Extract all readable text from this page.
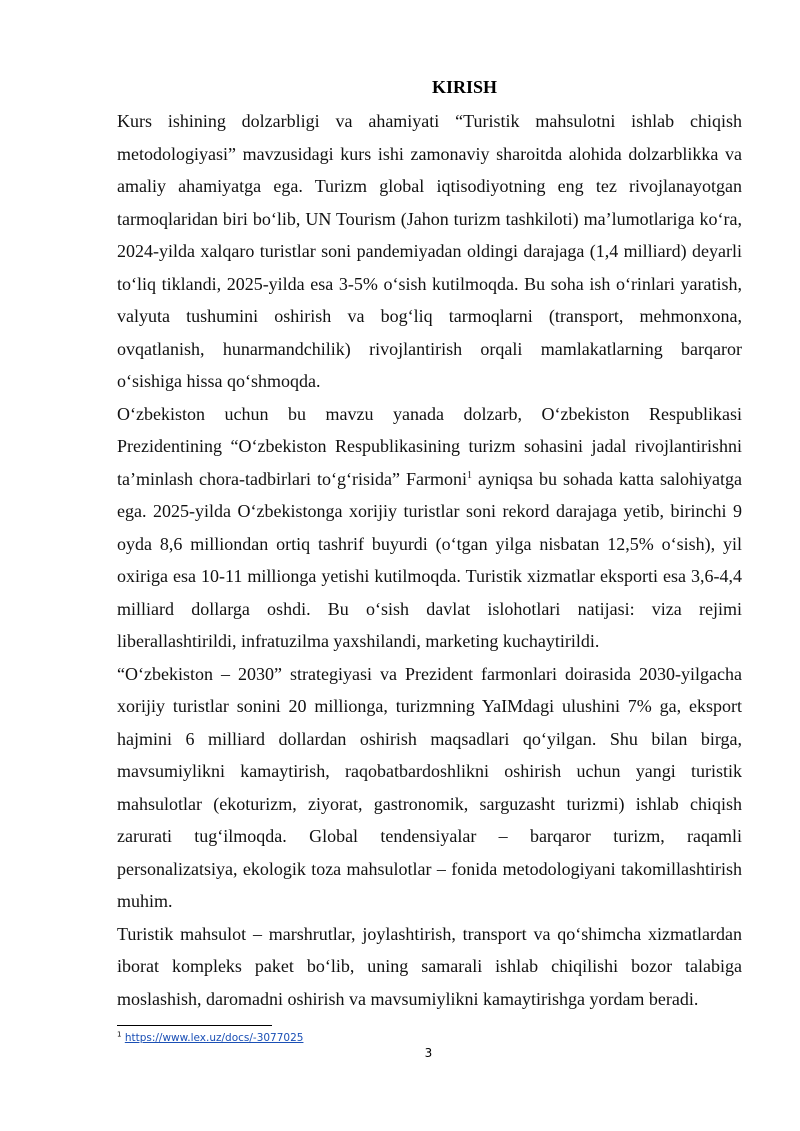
KIRISH

Kurs ishining dolzarbligi va ahamiyati “Turistik mahsulotni ishlab chiqish metodologiyasi” mavzusidagi kurs ishi zamonaviy sharoitda alohida dolzarblikka va amaliy ahamiyatga ega. Turizm global iqtisodiyotning eng tez rivojlanayotgan tarmoqlaridan biri boʻlib, UN Tourism (Jahon turizm tashkiloti) maʼlumotlariga koʻra, 2024-yilda xalqaro turistlar soni pandemiyadan oldingi darajaga (1,4 milliard) deyarli toʻliq tiklandi, 2025-yilda esa 3-5% oʻsish kutilmoqda. Bu soha ish oʻrinlari yaratish, valyuta tushumini oshirish va bogʻliq tarmoqlarni (transport, mehmonxona, ovqatlanish, hunarmandchilik) rivojlantirish orqali mamlakatlarning barqaror oʻsishiga hissa qoʻshmoqda.

Oʻzbekiston uchun bu mavzu yanada dolzarb, Oʻzbekiston Respublikasi Prezidentining “Oʻzbekiston Respublikasining turizm sohasini jadal rivojlantirishni taʼminlash chora-tadbirlari toʻgʻrisida” Farmoni$^1$ ayniqsa bu sohada katta salohiyatga ega. 2025-yilda Oʻzbekistonga xorijiy turistlar soni rekord darajaga yetib, birinchi 9 oyda 8,6 milliondan ortiq tashrif buyurdi (oʻtgan yilga nisbatan 12,5% oʻsish), yil oxiriga esa 10-11 millionga yetishi kutilmoqda. Turistik xizmatlar eksporti esa 3,6-4,4 milliard dollarga oshdi. Bu oʻsish davlat islohotlari natijasi: viza rejimi liberallashtirildi, infratuzilma yaxshilandi, marketing kuchaytirildi.

“Oʻzbekiston – 2030” strategiyasi va Prezident farmonlari doirasida 2030-yilgacha xorijiy turistlar sonini 20 millionga, turizmning YaIMdagi ulushini 7% ga, eksport hajmini 6 milliard dollardan oshirish maqsadlari qoʻyilgan. Shu bilan birga, mavsumiylikni kamaytirish, raqobatbardoshlikni oshirish uchun yangi turistik mahsulotlar (ekoturizm, ziyorat, gastronomik, sarguzasht turizmi) ishlab chiqish zarurati tugʻilmoqda. Global tendensiyalar – barqaror turizm, raqamli personalizatsiya, ekologik toza mahsulotlar – fonida metodologiyani takomillashtirish muhim.

Turistik mahsulot – marshrutlar, joylashtirish, transport va qoʻshimcha xizmatlardan iborat kompleks paket boʻlib, uning samarali ishlab chiqilishi bozor talabiga moslashish, daromadni oshirish va mavsumiylikni kamaytirishga yordam beradi.

$^1$ https://www.lex.uz/docs/-3077025
3
